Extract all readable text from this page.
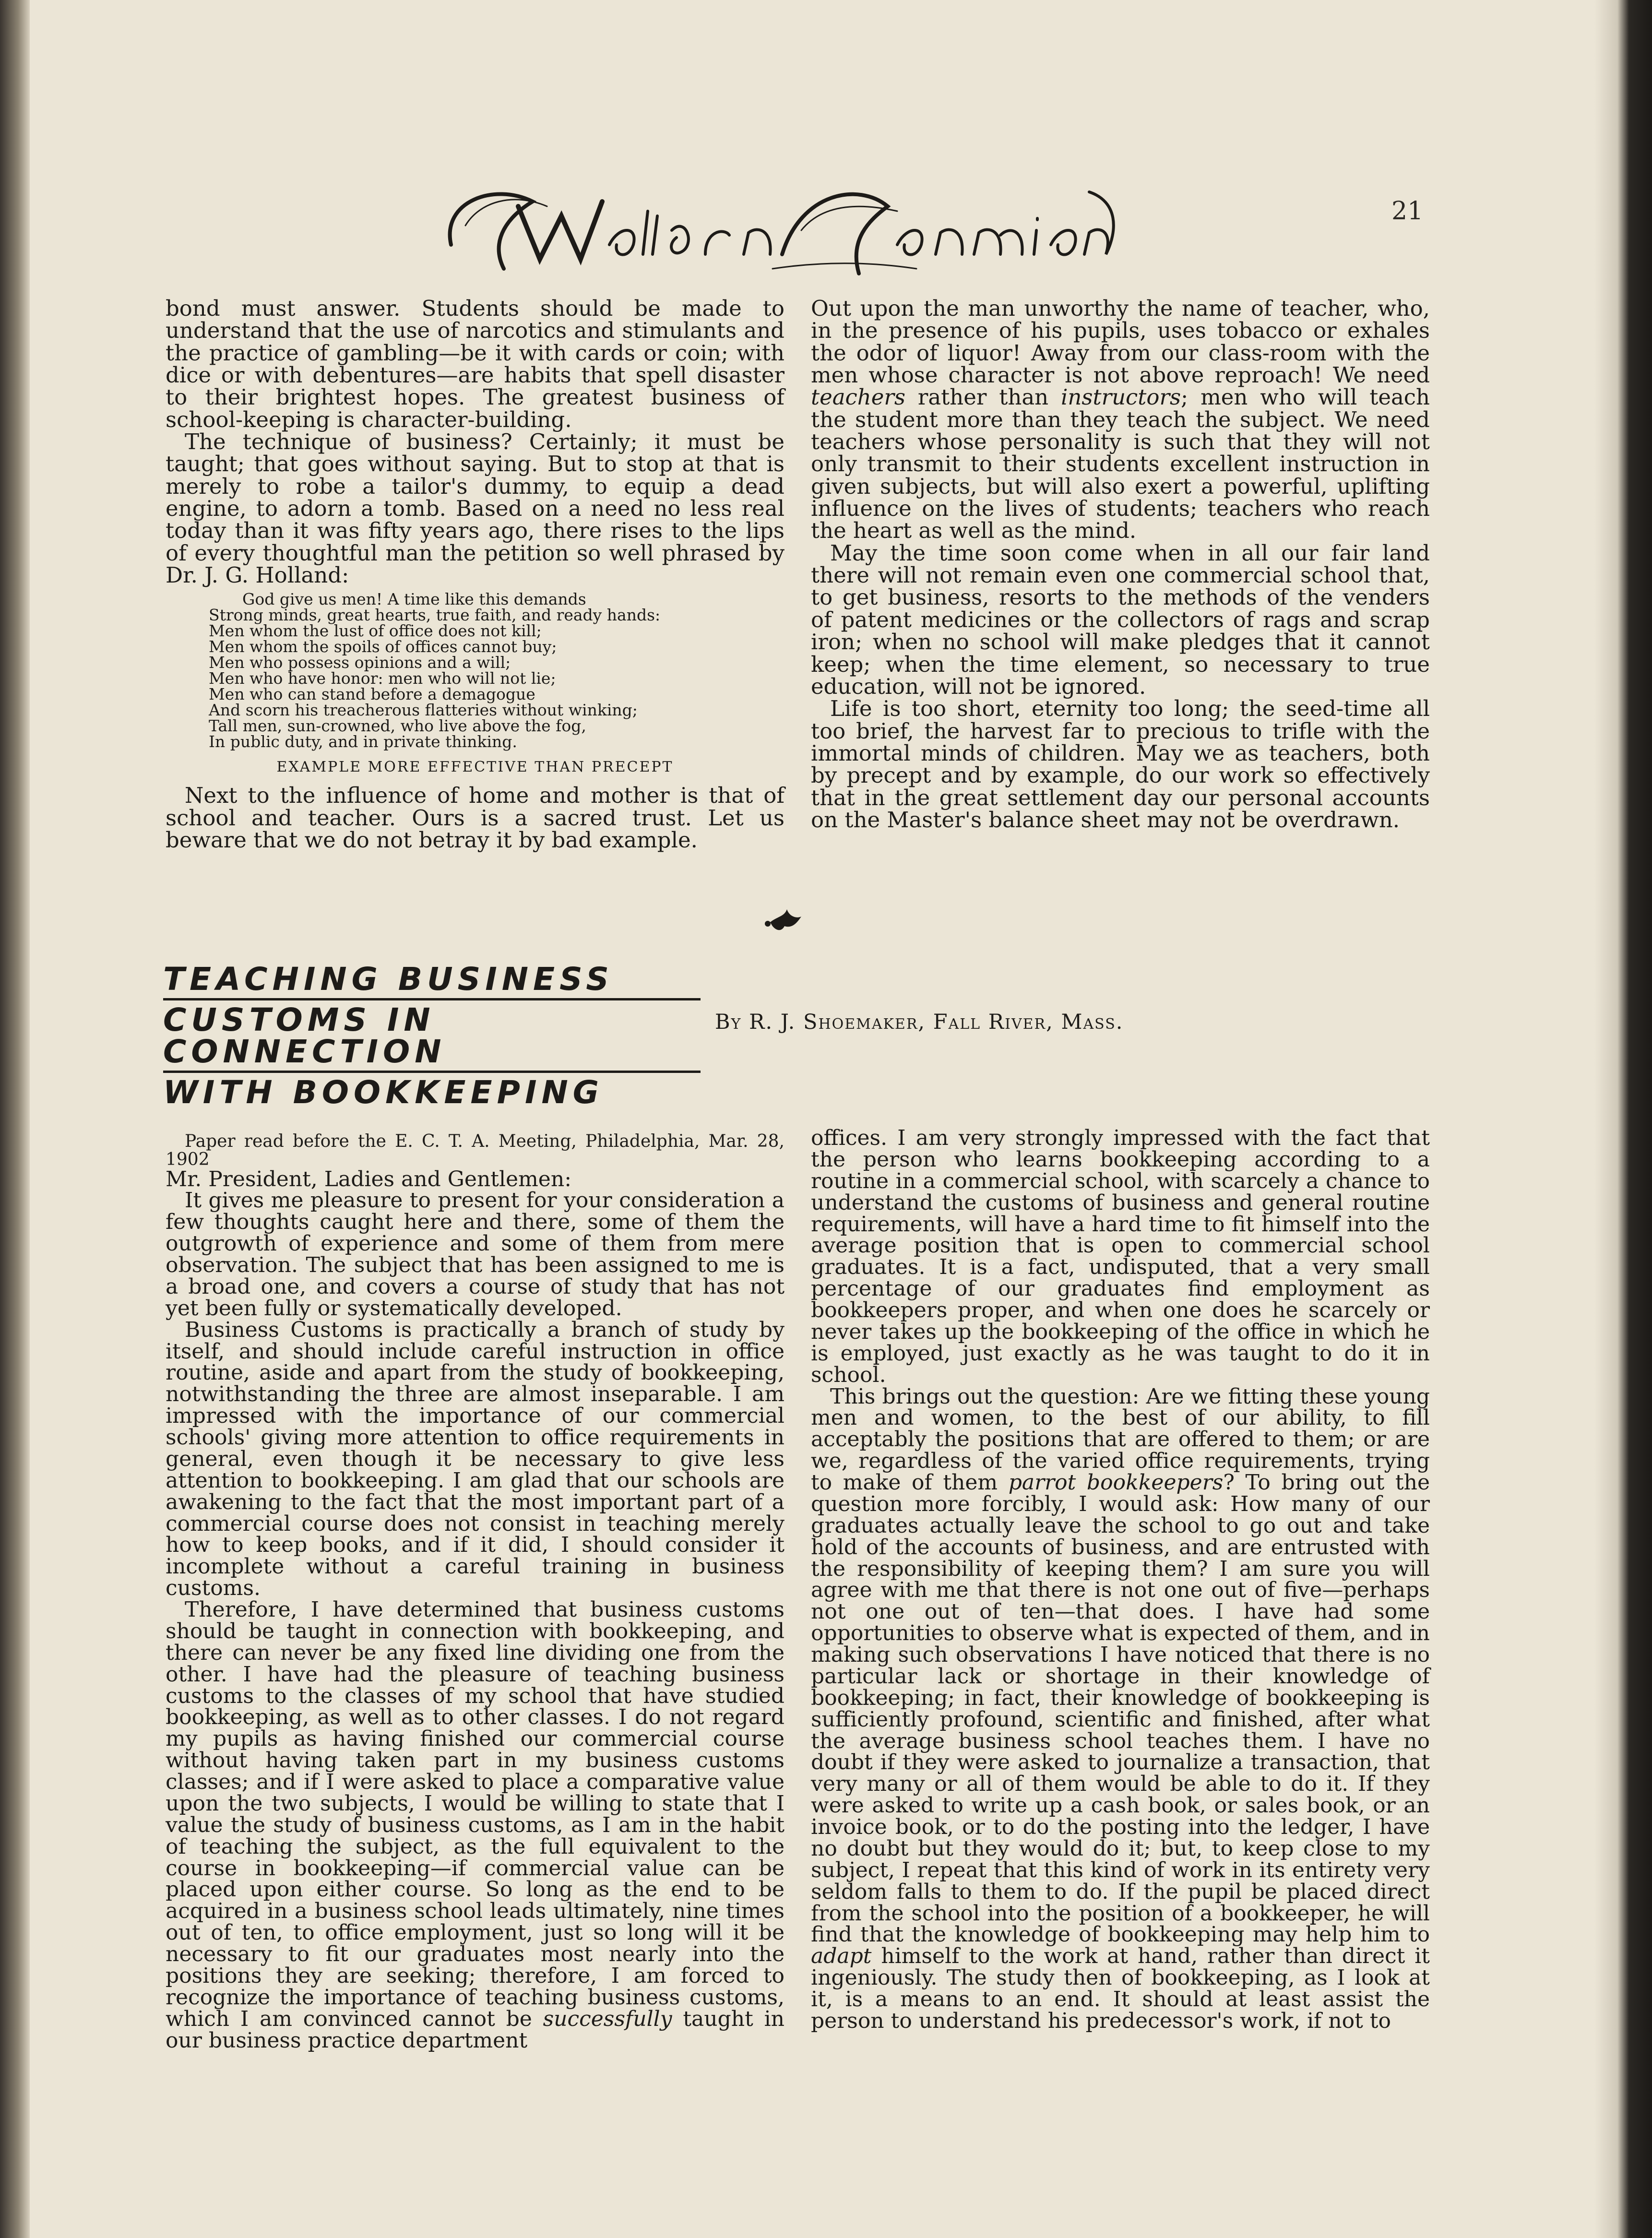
21

bond must answer. Students should be made to understand that the use of narcotics and stimulants and the practice of gambling—be it with cards or coin; with dice or with debentures—are habits that spell disaster to their brightest hopes. The greatest business of school-keeping is character-building.

The technique of business? Certainly; it must be taught; that goes without saying. But to stop at that is merely to robe a tailor's dummy, to equip a dead engine, to adorn a tomb. Based on a need no less real today than it was fifty years ago, there rises to the lips of every thoughtful man the petition so well phrased by Dr. J. G. Holland:

God give us men! A time like this demands
Strong minds, great hearts, true faith, and ready hands:
Men whom the lust of office does not kill;
Men whom the spoils of offices cannot buy;
Men who possess opinions and a will;
Men who have honor: men who will not lie;
Men who can stand before a demagogue
And scorn his treacherous flatteries without winking;
Tall men, sun-crowned, who live above the fog,
In public duty, and in private thinking.
EXAMPLE MORE EFFECTIVE THAN PRECEPT

Next to the influence of home and mother is that of school and teacher. Ours is a sacred trust. Let us beware that we do not betray it by bad example.

Out upon the man unworthy the name of teacher, who, in the presence of his pupils, uses tobacco or exhales the odor of liquor! Away from our class-room with the men whose character is not above reproach! We need teachers rather than instructors; men who will teach the student more than they teach the subject. We need teachers whose personality is such that they will not only transmit to their students excellent instruction in given subjects, but will also exert a powerful, uplifting influence on the lives of students; teachers who reach the heart as well as the mind.

May the time soon come when in all our fair land there will not remain even one commercial school that, to get business, resorts to the methods of the venders of patent medicines or the collectors of rags and scrap iron; when no school will make pledges that it cannot keep; when the time element, so necessary to true education, will not be ignored.

Life is too short, eternity too long; the seed-time all too brief, the harvest far to precious to trifle with the immortal minds of children. May we as teachers, both by precept and by example, do our work so effectively that in the great settlement day our personal accounts on the Master's balance sheet may not be overdrawn.

TEACHING BUSINESS
CUSTOMS IN CONNECTION
WITH BOOKKEEPING
By R. J. Shoemaker, Fall River, Mass.

Paper read before the E. C. T. A. Meeting, Philadelphia, Mar. 28, 1902

Mr. President, Ladies and Gentlemen:

It gives me pleasure to present for your consideration a few thoughts caught here and there, some of them the outgrowth of experience and some of them from mere observation. The subject that has been assigned to me is a broad one, and covers a course of study that has not yet been fully or systematically developed.

Business Customs is practically a branch of study by itself, and should include careful instruction in office routine, aside and apart from the study of bookkeeping, notwithstanding the three are almost inseparable. I am impressed with the importance of our commercial schools' giving more attention to office requirements in general, even though it be necessary to give less attention to bookkeeping. I am glad that our schools are awakening to the fact that the most important part of a commercial course does not consist in teaching merely how to keep books, and if it did, I should consider it incomplete without a careful training in business customs.

Therefore, I have determined that business customs should be taught in connection with bookkeeping, and there can never be any fixed line dividing one from the other. I have had the pleasure of teaching business customs to the classes of my school that have studied bookkeeping, as well as to other classes. I do not regard my pupils as having finished our commercial course without having taken part in my business customs classes; and if I were asked to place a comparative value upon the two subjects, I would be willing to state that I value the study of business customs, as I am in the habit of teaching the subject, as the full equivalent to the course in bookkeeping—if commercial value can be placed upon either course. So long as the end to be acquired in a business school leads ultimately, nine times out of ten, to office employment, just so long will it be necessary to fit our graduates most nearly into the positions they are seeking; therefore, I am forced to recognize the importance of teaching business customs, which I am convinced cannot be successfully taught in our business practice department

offices. I am very strongly impressed with the fact that the person who learns bookkeeping according to a routine in a commercial school, with scarcely a chance to understand the customs of business and general routine requirements, will have a hard time to fit himself into the average position that is open to commercial school graduates. It is a fact, undisputed, that a very small percentage of our graduates find employment as bookkeepers proper, and when one does he scarcely or never takes up the bookkeeping of the office in which he is employed, just exactly as he was taught to do it in school.

This brings out the question: Are we fitting these young men and women, to the best of our ability, to fill acceptably the positions that are offered to them; or are we, regardless of the varied office requirements, trying to make of them parrot bookkeepers? To bring out the question more forcibly, I would ask: How many of our graduates actually leave the school to go out and take hold of the accounts of business, and are entrusted with the responsibility of keeping them? I am sure you will agree with me that there is not one out of five—perhaps not one out of ten—that does. I have had some opportunities to observe what is expected of them, and in making such observations I have noticed that there is no particular lack or shortage in their knowledge of bookkeeping; in fact, their knowledge of bookkeeping is sufficiently profound, scientific and finished, after what the average business school teaches them. I have no doubt if they were asked to journalize a transaction, that very many or all of them would be able to do it. If they were asked to write up a cash book, or sales book, or an invoice book, or to do the posting into the ledger, I have no doubt but they would do it; but, to keep close to my subject, I repeat that this kind of work in its entirety very seldom falls to them to do. If the pupil be placed direct from the school into the position of a bookkeeper, he will find that the knowledge of bookkeeping may help him to adapt himself to the work at hand, rather than direct it ingeniously. The study then of bookkeeping, as I look at it, is a means to an end. It should at least assist the person to understand his predecessor's work, if not to
